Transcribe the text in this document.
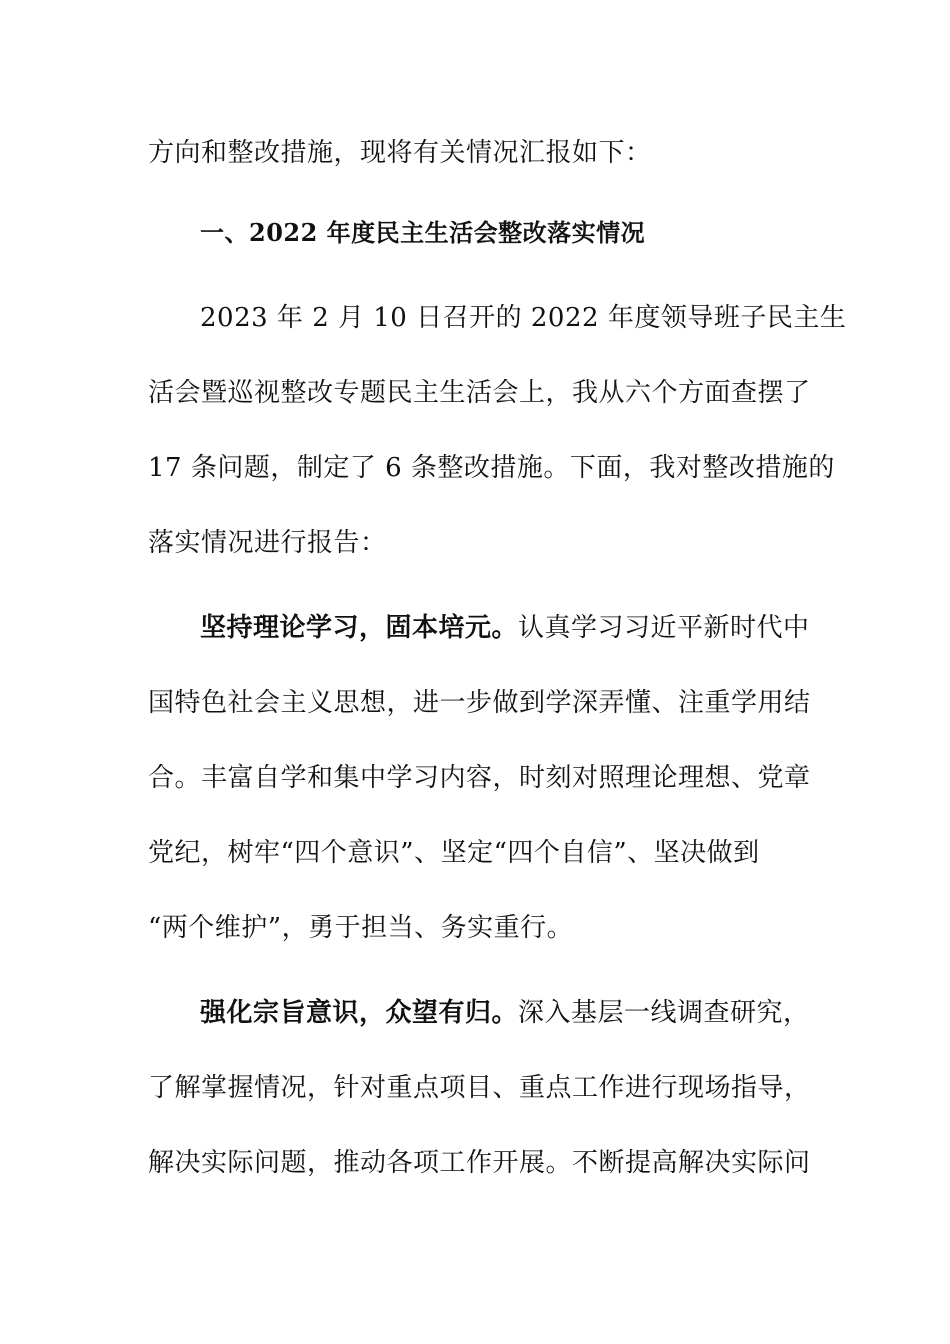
方向和整改措施，现将有关情况汇报如下：
一、2022 年度民主生活会整改落实情况
2023 年 2 月 10 日召开的 2022 年度领导班子民主生
活会暨巡视整改专题民主生活会上，我从六个方面查摆了
17 条问题，制定了 6 条整改措施。下面，我对整改措施的
落实情况进行报告：
坚持理论学习，固本培元。认真学习习近平新时代中
国特色社会主义思想，进一步做到学深弄懂、注重学用结
合。丰富自学和集中学习内容，时刻对照理论理想、党章
党纪，树牢“四个意识”、坚定“四个自信”、坚决做到
“两个维护”，勇于担当、务实重行。
强化宗旨意识，众望有归。深入基层一线调查研究，
了解掌握情况，针对重点项目、重点工作进行现场指导，
解决实际问题，推动各项工作开展。不断提高解决实际问
